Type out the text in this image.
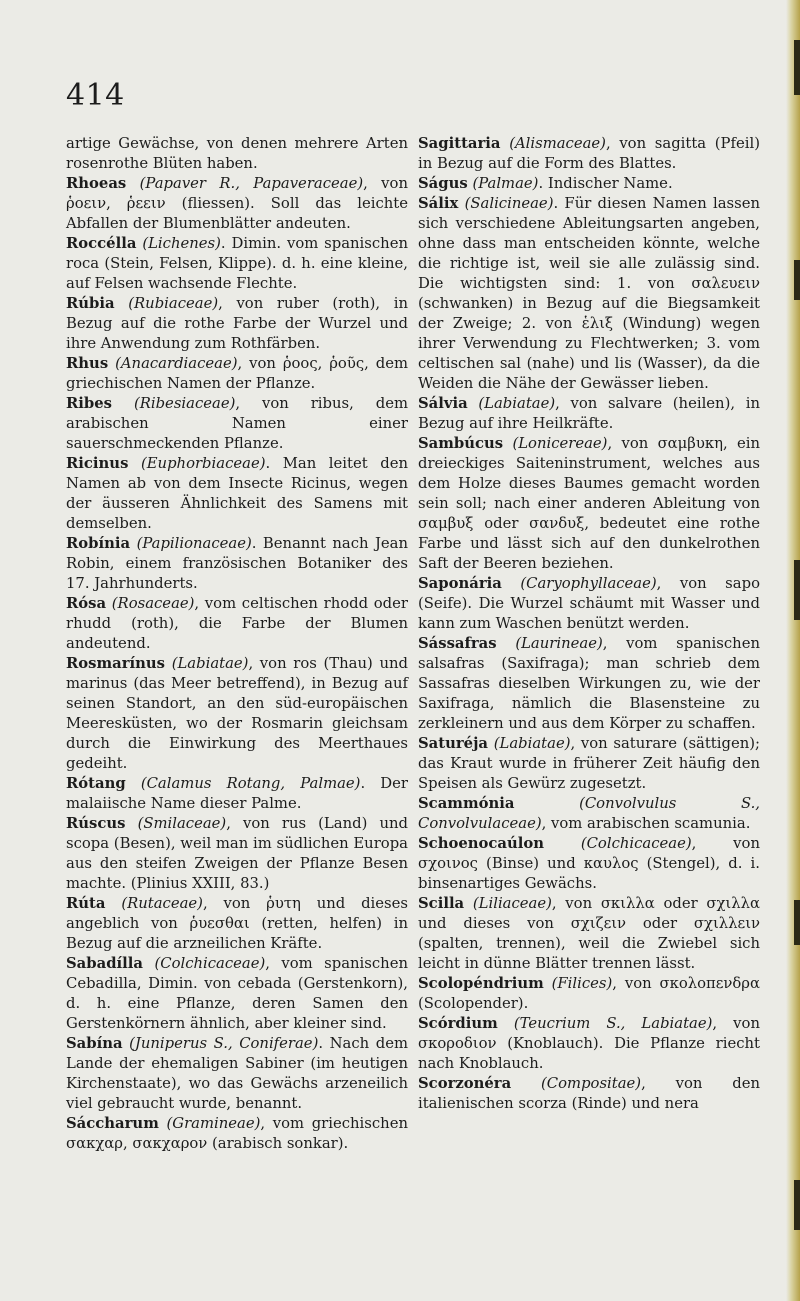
414

artige Gewächse, von denen mehrere Arten rosenrothe Blüten haben.

Rhoeas (Papaver R., Papaveraceae), von ῥοειν, ῥεειν (fliessen). Soll das leichte Abfallen der Blumenblätter andeuten.

Roccélla (Lichenes). Dimin. vom spanischen roca (Stein, Felsen, Klippe). d. h. eine kleine, auf Felsen wachsende Flechte.

Rúbia (Rubiaceae), von ruber (roth), in Bezug auf die rothe Farbe der Wurzel und ihre Anwendung zum Rothfärben.

Rhus (Anacardiaceae), von ῥοος, ῥοῦς, dem griechischen Namen der Pflanze.

Ribes (Ribesiaceae), von ribus, dem arabischen Namen einer sauerschmeckenden Pflanze.

Ricinus (Euphorbiaceae). Man leitet den Namen ab von dem Insecte Ricinus, wegen der äusseren Ähnlichkeit des Samens mit demselben.

Robínia (Papilionaceae). Benannt nach Jean Robin, einem französischen Botaniker des 17. Jahrhunderts.

Rósa (Rosaceae), vom celtischen rhodd oder rhudd (roth), die Farbe der Blumen andeutend.

Rosmarínus (Labiatae), von ros (Thau) und marinus (das Meer betreffend), in Bezug auf seinen Standort, an den süd-europäischen Meeresküsten, wo der Rosmarin gleichsam durch die Einwirkung des Meerthaues gedeiht.

Rótang (Calamus Rotang, Palmae). Der malaiische Name dieser Palme.

Rúscus (Smilaceae), von rus (Land) und scopa (Besen), weil man im südlichen Europa aus den steifen Zweigen der Pflanze Besen machte. (Plinius XXIII, 83.)

Rúta (Rutaceae), von ῥυτη und dieses angeblich von ῥυεσθαι (retten, helfen) in Bezug auf die arzneilichen Kräfte.

Sabadílla (Colchicaceae), vom spanischen Cebadilla, Dimin. von cebada (Gerstenkorn), d. h. eine Pflanze, deren Samen den Gerstenkörnern ähnlich, aber kleiner sind.

Sabína (Juniperus S., Coniferae). Nach dem Lande der ehemaligen Sabiner (im heutigen Kirchenstaate), wo das Gewächs arzeneilich viel gebraucht wurde, benannt.

Sáccharum (Gramineae), vom griechischen σακχαρ, σακχαρον (arabisch sonkar).

Sagittaria (Alismaceae), von sagitta (Pfeil) in Bezug auf die Form des Blattes.

Ságus (Palmae). Indischer Name.

Sálix (Salicineae). Für diesen Namen lassen sich verschiedene Ableitungsarten angeben, ohne dass man entscheiden könnte, welche die richtige ist, weil sie alle zulässig sind. Die wichtigsten sind: 1. von σαλευειν (schwanken) in Bezug auf die Biegsamkeit der Zweige; 2. von ἑλιξ (Windung) wegen ihrer Verwendung zu Flechtwerken; 3. vom celtischen sal (nahe) und lis (Wasser), da die Weiden die Nähe der Gewässer lieben.

Sálvia (Labiatae), von salvare (heilen), in Bezug auf ihre Heilkräfte.

Sambúcus (Lonicereae), von σαμβυκη, ein dreieckiges Saiteninstrument, welches aus dem Holze dieses Baumes gemacht worden sein soll; nach einer anderen Ableitung von σαμβυξ oder σανδυξ, bedeutet eine rothe Farbe und lässt sich auf den dunkelrothen Saft der Beeren beziehen.

Saponária (Caryophyllaceae), von sapo (Seife). Die Wurzel schäumt mit Wasser und kann zum Waschen benützt werden.

Sássafras (Laurineae), vom spanischen salsafras (Saxifraga); man schrieb dem Sassafras dieselben Wirkungen zu, wie der Saxifraga, nämlich die Blasensteine zu zerkleinern und aus dem Körper zu schaffen.

Saturéja (Labiatae), von saturare (sättigen); das Kraut wurde in früherer Zeit häufig den Speisen als Gewürz zugesetzt.

Scammónia	(Convolvulus S., Convolvulaceae), vom arabischen scamunia.

Schoenocaúlon (Colchicaceae), von σχοινος (Binse) und καυλος (Stengel), d. i. binsenartiges Gewächs.

Scilla (Liliaceae), von σκιλλα oder σχιλλα und dieses von σχιζειν oder σχιλλειν (spalten, trennen), weil die Zwiebel sich leicht in dünne Blätter trennen lässt.

Scolopéndrium (Filices), von σκολοπενδρα (Scolopender).

Scórdium (Teucrium S., Labiatae), von σκοροδιον (Knoblauch). Die Pflanze riecht nach Knoblauch.

Scorzonéra (Compositae), von den italienischen scorza (Rinde) und nera
